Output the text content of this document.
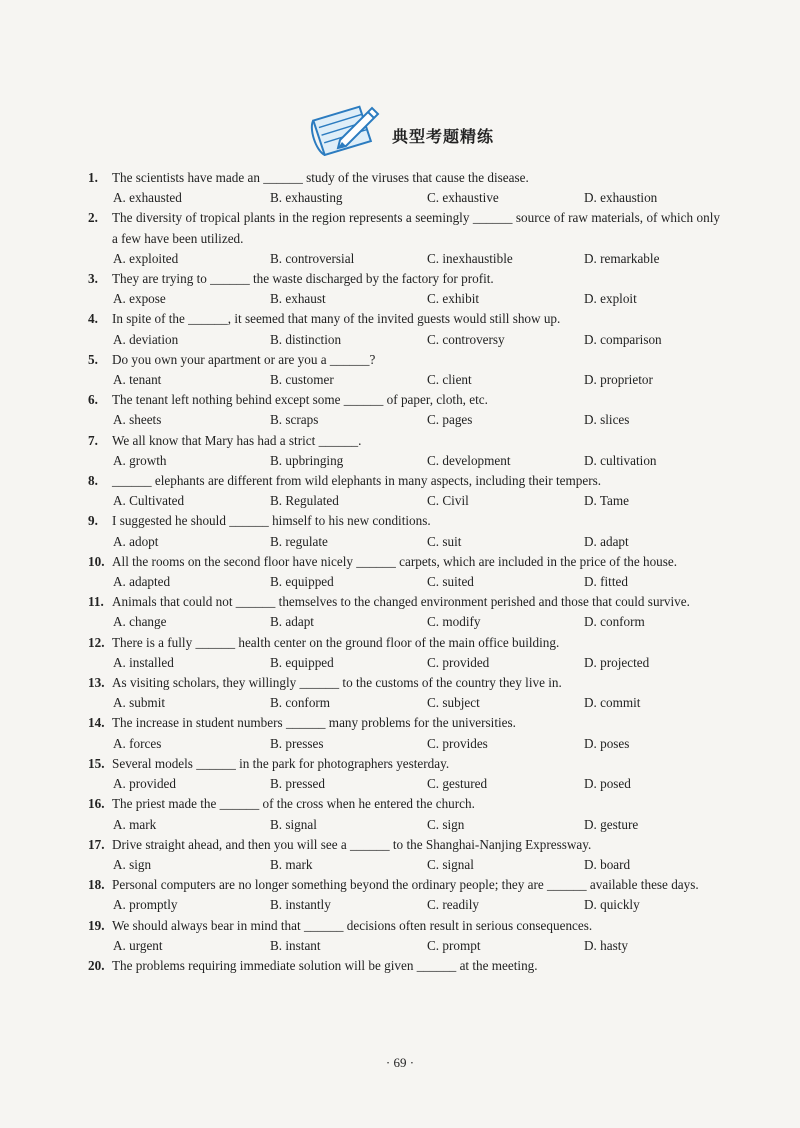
典型考题精练
1.	The scientists have made an ______ study of the viruses that cause the disease.
A. exhausted	B. exhausting	C. exhaustive	D. exhaustion
2.	The diversity of tropical plants in the region represents a seemingly ______ source of raw materials, of which only a few have been utilized.
A. exploited	B. controversial	C. inexhaustible	D. remarkable
3.	They are trying to ______ the waste discharged by the factory for profit.
A. expose	B. exhaust	C. exhibit	D. exploit
4.	In spite of the ______, it seemed that many of the invited guests would still show up.
A. deviation	B. distinction	C. controversy	D. comparison
5.	Do you own your apartment or are you a ______?
A. tenant	B. customer	C. client	D. proprietor
6.	The tenant left nothing behind except some ______ of paper, cloth, etc.
A. sheets	B. scraps	C. pages	D. slices
7.	We all know that Mary has had a strict ______.
A. growth	B. upbringing	C. development	D. cultivation
8.	______ elephants are different from wild elephants in many aspects, including their tempers.
A. Cultivated	B. Regulated	C. Civil	D. Tame
9.	I suggested he should ______ himself to his new conditions.
A. adopt	B. regulate	C. suit	D. adapt
10. All the rooms on the second floor have nicely ______ carpets, which are included in the price of the house.
A. adapted	B. equipped	C. suited	D. fitted
11. Animals that could not ______ themselves to the changed environment perished and those that could survive.
A. change	B. adapt	C. modify	D. conform
12. There is a fully ______ health center on the ground floor of the main office building.
A. installed	B. equipped	C. provided	D. projected
13. As visiting scholars, they willingly ______ to the customs of the country they live in.
A. submit	B. conform	C. subject	D. commit
14. The increase in student numbers ______ many problems for the universities.
A. forces	B. presses	C. provides	D. poses
15. Several models ______ in the park for photographers yesterday.
A. provided	B. pressed	C. gestured	D. posed
16. The priest made the ______ of the cross when he entered the church.
A. mark	B. signal	C. sign	D. gesture
17. Drive straight ahead, and then you will see a ______ to the Shanghai-Nanjing Expressway.
A. sign	B. mark	C. signal	D. board
18. Personal computers are no longer something beyond the ordinary people; they are ______ available these days.
A. promptly	B. instantly	C. readily	D. quickly
19. We should always bear in mind that ______ decisions often result in serious consequences.
A. urgent	B. instant	C. prompt	D. hasty
20. The problems requiring immediate solution will be given ______ at the meeting.
· 69 ·
